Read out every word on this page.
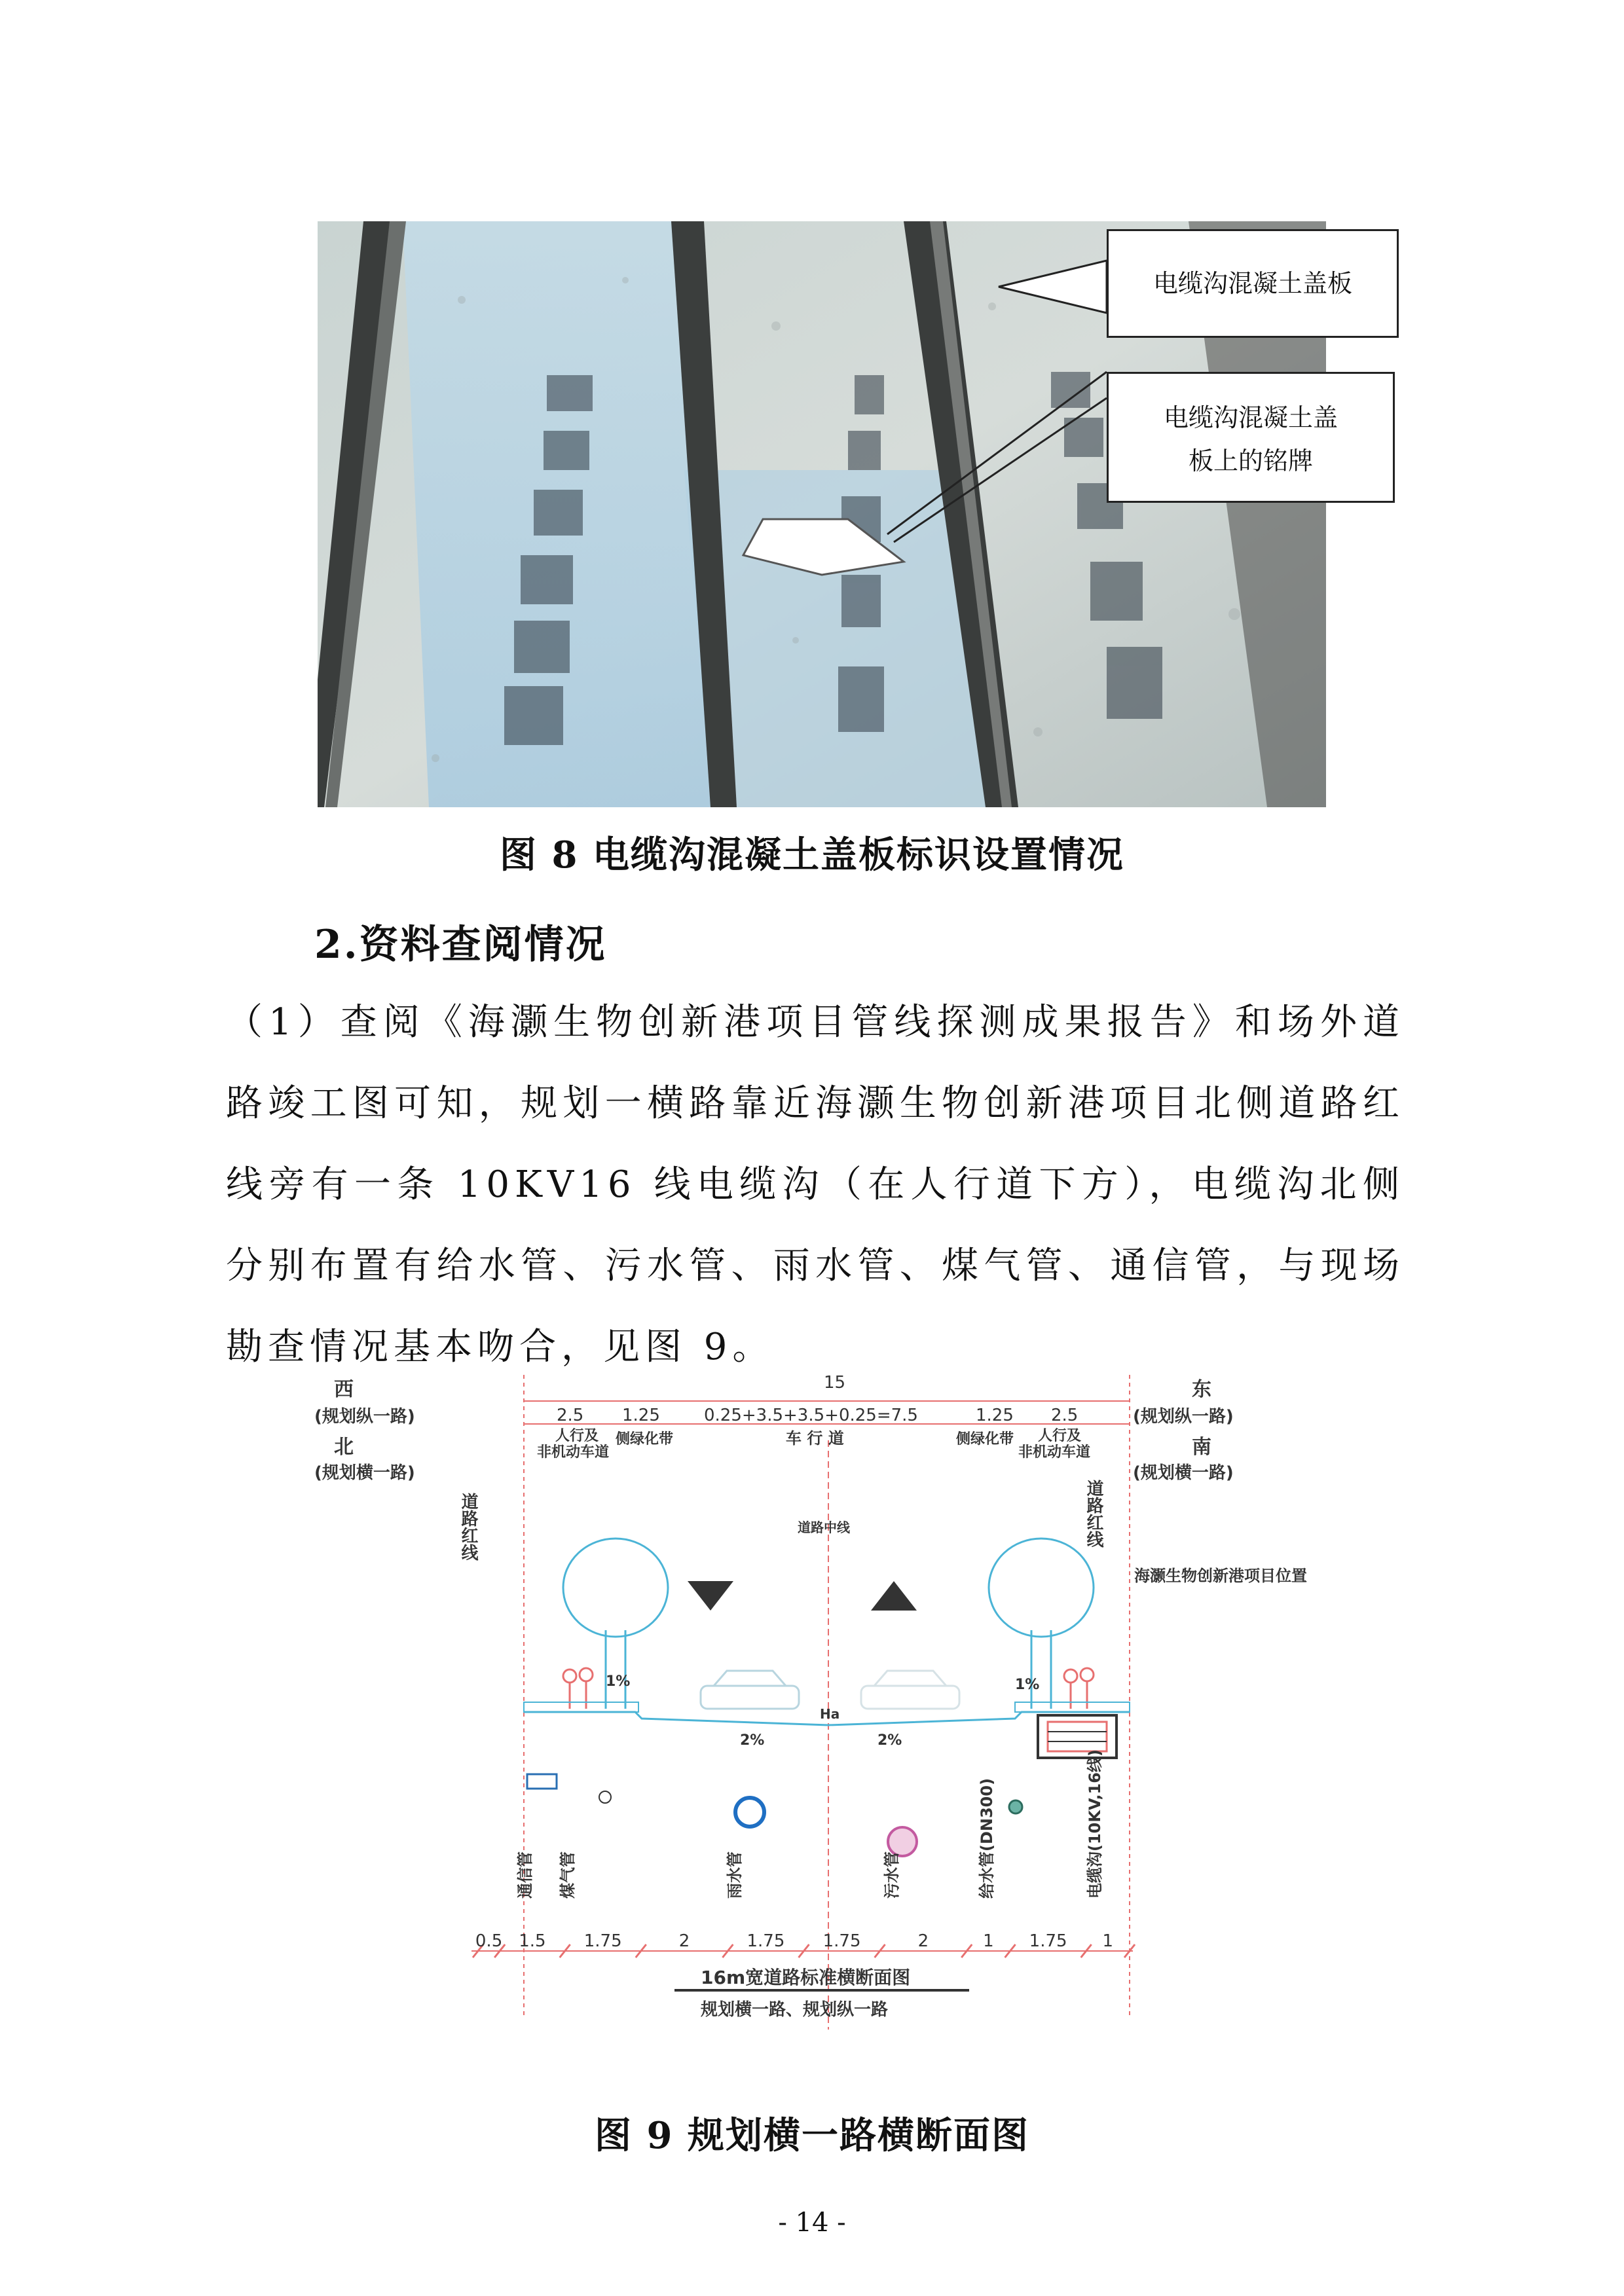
电缆沟混凝土盖板
电缆沟混凝土盖
板上的铭牌
图 8 电缆沟混凝土盖板标识设置情况
2.资料查阅情况
（1）查阅《海灏生物创新港项目管线探测成果报告》和场外道路竣工图可知，规划一横路靠近海灏生物创新港项目北侧道路红线旁有一条 10KV16 线电缆沟（在人行道下方），电缆沟北侧分别布置有给水管、污水管、雨水管、煤气管、通信管，与现场勘查情况基本吻合，见图 9。
西
(规划纵一路)
北
(规划横一路)
东
(规划纵一路)
南
(规划横一路)
15
2.5 1.25	0.25+3.5+3.5+0.25=7.5	1.25 2.5
人行及
非机动车道
侧绿化带	车 行 道	侧绿化带 人行及
非机动车道
道路红线	道路红线
道路中线
海灏生物创新港项目位置
1%	1%
2%	2%
Ha
通信管 煤气管	雨水管	污水管	给水管(DN300)	电缆沟(10KV,16线)
0.5 1.5 1.75	2	1.75 1.75	2	1 1.75 1
16m宽道路标准横断面图
规划横一路、规划纵一路
图 9 规划横一路横断面图
- 14 -
